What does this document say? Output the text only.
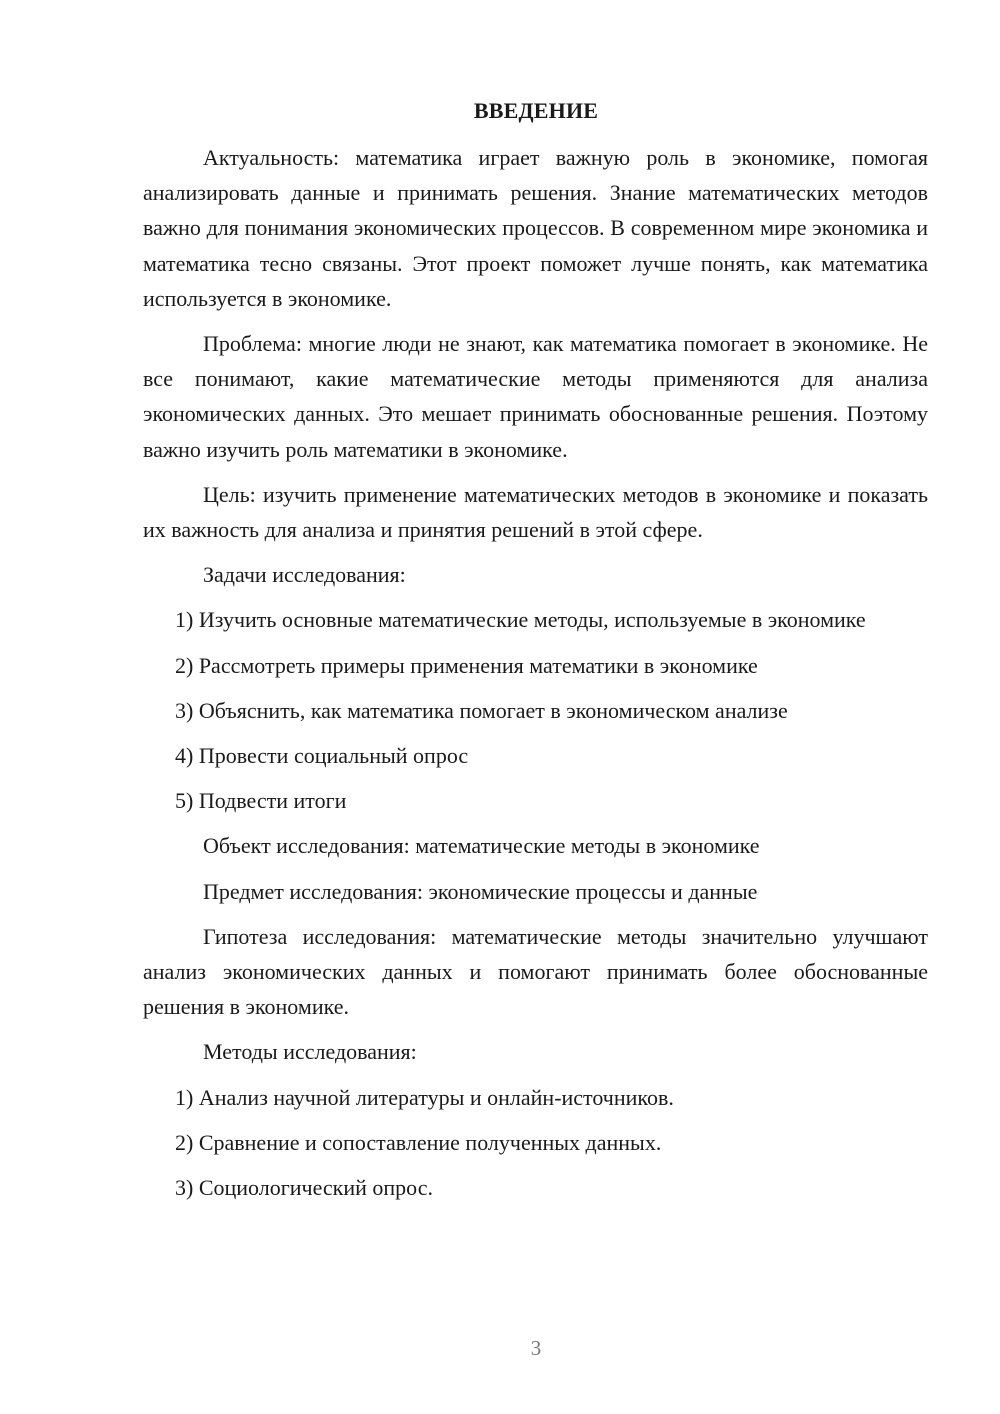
ВВЕДЕНИЕ

Актуальность: математика играет важную роль в экономике, помогая анализировать данные и принимать решения. Знание математических методов важно для понимания экономических процессов. В современном мире экономика и математика тесно связаны. Этот проект поможет лучше понять, как математика используется в экономике.

Проблема: многие люди не знают, как математика помогает в экономике. Не все понимают, какие математические методы применяются для анализа экономических данных. Это мешает принимать обоснованные решения. Поэтому важно изучить роль математики в экономике.

Цель: изучить применение математических методов в экономике и показать их важность для анализа и принятия решений в этой сфере.

Задачи исследования:

1) Изучить основные математические методы, используемые в экономике

2) Рассмотреть примеры применения математики в экономике

3) Объяснить, как математика помогает в экономическом анализе

4) Провести социальный опрос

5) Подвести итоги

Объект исследования: математические методы в экономике

Предмет исследования: экономические процессы и данные

Гипотеза исследования: математические методы значительно улучшают анализ экономических данных и помогают принимать более обоснованные решения в экономике.

Методы исследования:

1) Анализ научной литературы и онлайн-источников.

2) Сравнение и сопоставление полученных данных.

3) Социологический опрос.

3
